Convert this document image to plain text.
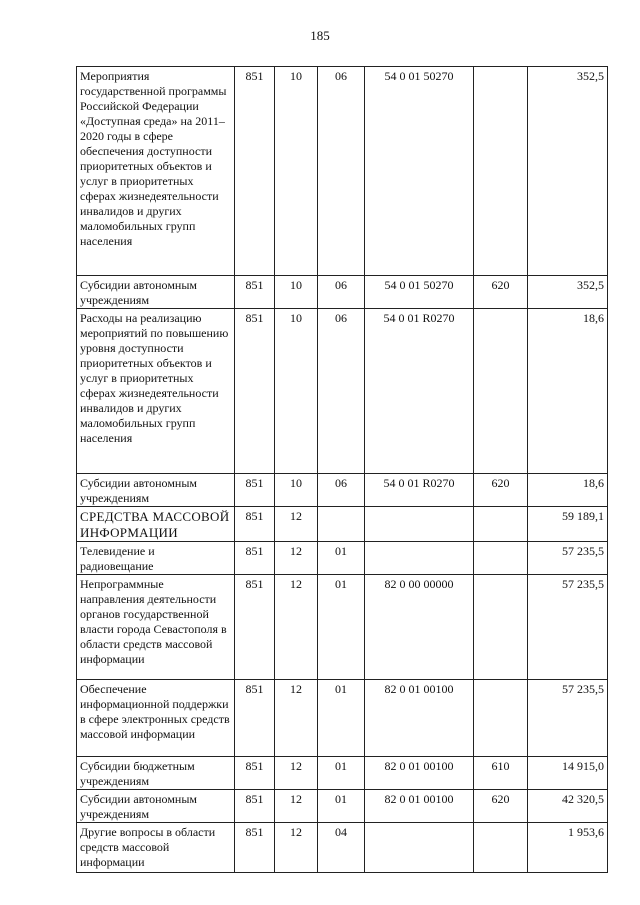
185
Мероприятия государственной программы Российской Федерации «Доступная среда» на 2011–2020 годы в сфере обеспечения доступности приоритетных объектов и услуг в приоритетных сферах жизнедеятельности инвалидов и других маломобильных групп населения	851	10	06	54 0 01 50270		352,5
Субсидии автономным учреждениям	851	10	06	54 0 01 50270	620	352,5
Расходы на реализацию мероприятий по повышению уровня доступности приоритетных объектов и услуг в приоритетных сферах жизнедеятельности инвалидов и других маломобильных групп населения	851	10	06	54 0 01 R0270		18,6
Субсидии автономным учреждениям	851	10	06	54 0 01 R0270	620	18,6
СРЕДСТВА МАССОВОЙ ИНФОРМАЦИИ	851	12				59 189,1
Телевидение и радиовещание	851	12	01			57 235,5
Непрограммные направления деятельности органов государственной власти города Севастополя в области средств массовой информации	851	12	01	82 0 00 00000		57 235,5
Обеспечение информационной поддержки в сфере электронных средств массовой информации	851	12	01	82 0 01 00100		57 235,5
Субсидии бюджетным учреждениям	851	12	01	82 0 01 00100	610	14 915,0
Субсидии автономным учреждениям	851	12	01	82 0 01 00100	620	42 320,5
Другие вопросы в области средств массовой информации	851	12	04			1 953,6
